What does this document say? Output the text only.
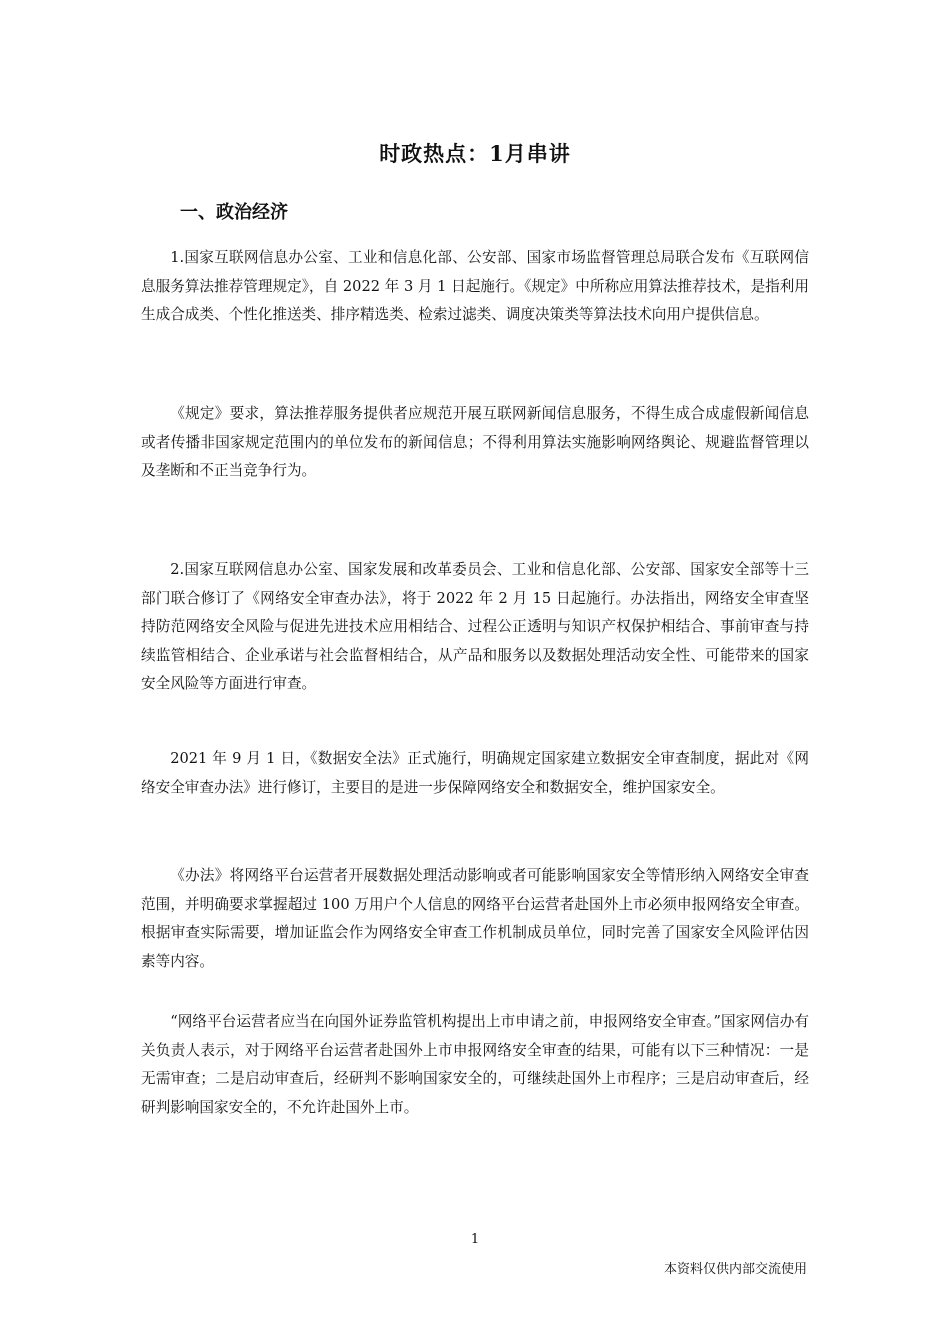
时政热点：1月串讲
一、政治经济

1.国家互联网信息办公室、工业和信息化部、公安部、国家市场监督管理总局联合发布《互联网信息服务算法推荐管理规定》，自 2022 年 3 月 1 日起施行。《规定》中所称应用算法推荐技术，是指利用生成合成类、个性化推送类、排序精选类、检索过滤类、调度决策类等算法技术向用户提供信息。

《规定》要求，算法推荐服务提供者应规范开展互联网新闻信息服务，不得生成合成虚假新闻信息或者传播非国家规定范围内的单位发布的新闻信息；不得利用算法实施影响网络舆论、规避监督管理以及垄断和不正当竞争行为。

2.国家互联网信息办公室、国家发展和改革委员会、工业和信息化部、公安部、国家安全部等十三部门联合修订了《网络安全审查办法》，将于 2022 年 2 月 15 日起施行。办法指出，网络安全审查坚持防范网络安全风险与促进先进技术应用相结合、过程公正透明与知识产权保护相结合、事前审查与持续监管相结合、企业承诺与社会监督相结合，从产品和服务以及数据处理活动安全性、可能带来的国家安全风险等方面进行审查。

2021 年 9 月 1 日，《数据安全法》正式施行，明确规定国家建立数据安全审查制度，据此对《网络安全审查办法》进行修订，主要目的是进一步保障网络安全和数据安全，维护国家安全。

《办法》将网络平台运营者开展数据处理活动影响或者可能影响国家安全等情形纳入网络安全审查范围，并明确要求掌握超过 100 万用户个人信息的网络平台运营者赴国外上市必须申报网络安全审查。根据审查实际需要，增加证监会作为网络安全审查工作机制成员单位，同时完善了国家安全风险评估因素等内容。

“网络平台运营者应当在向国外证券监管机构提出上市申请之前，申报网络安全审查。”国家网信办有关负责人表示，对于网络平台运营者赴国外上市申报网络安全审查的结果，可能有以下三种情况：一是无需审查；二是启动审查后，经研判不影响国家安全的，可继续赴国外上市程序；三是启动审查后，经研判影响国家安全的，不允许赴国外上市。

1
本资料仅供内部交流使用
